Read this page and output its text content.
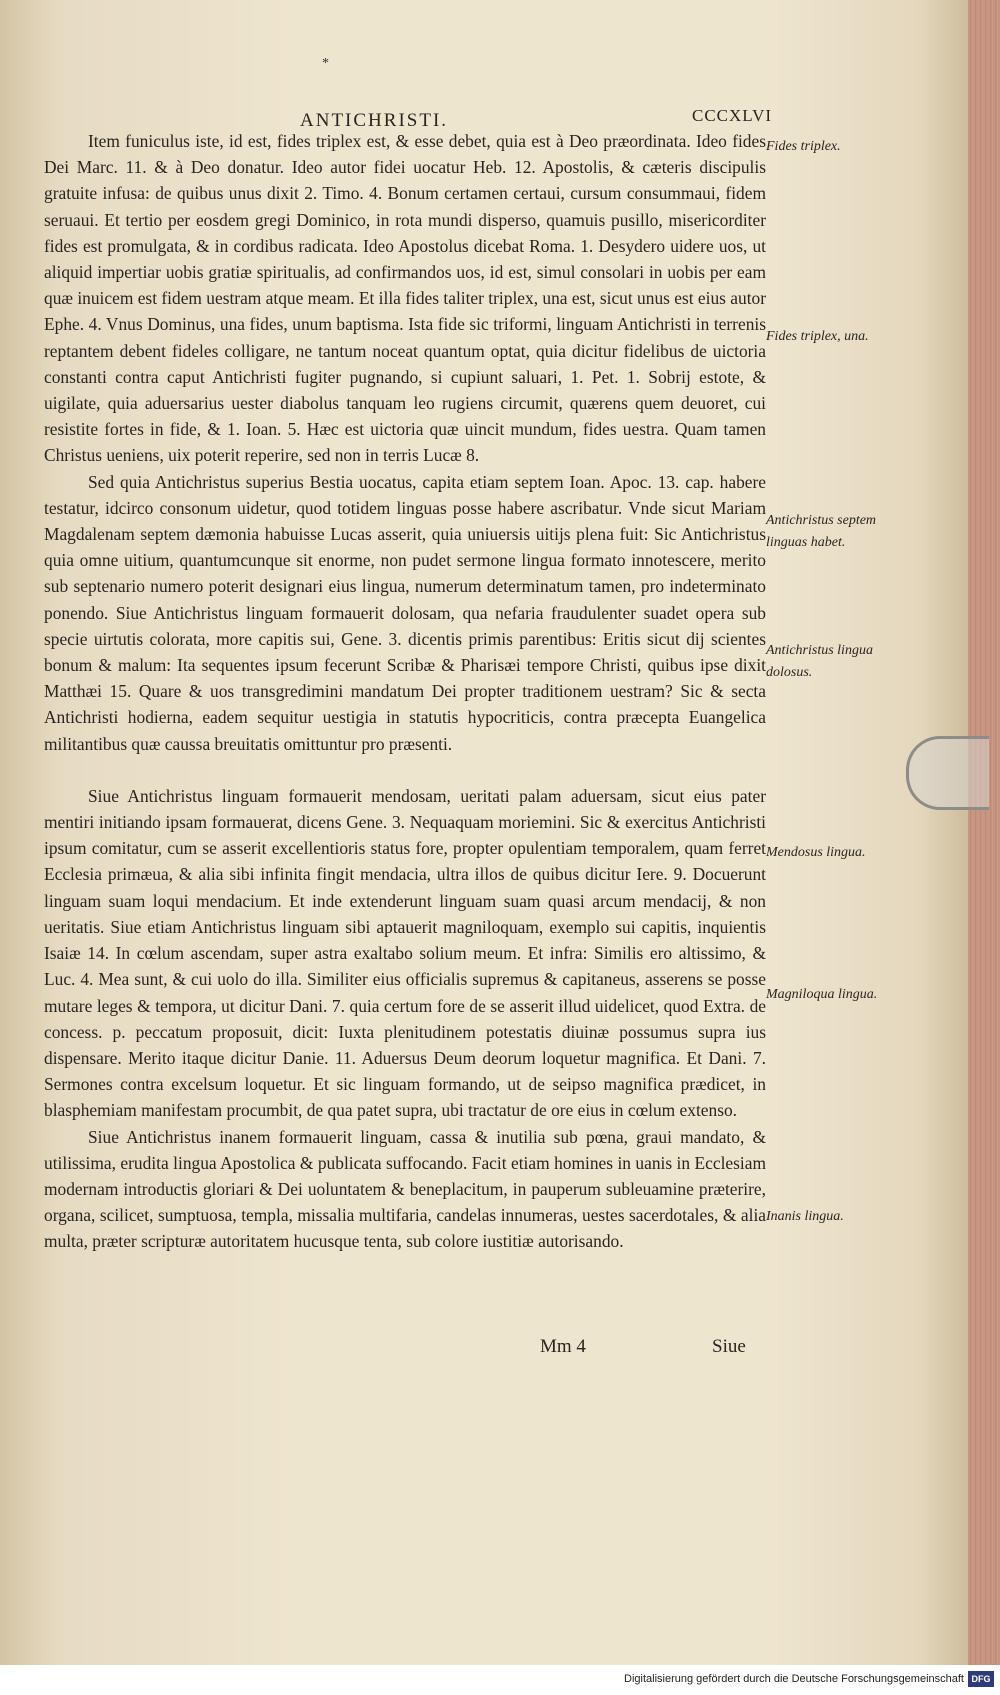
*
ANTICHRISTI.	CCCXLVI

Item funiculus iste, id est, fides triplex est, & esse debet, quia est à Deo præordinata. Ideo fides Dei Marc. 11. & à Deo donatur. Ideo autor fidei uocatur Heb. 12. Apostolis, & cæteris discipulis gratuite infusa: de quibus unus dixit 2. Timo. 4. Bonum certamen certaui, cursum consummaui, fidem seruaui. Et tertio per eosdem gregi Dominico, in rota mundi disperso, quamuis pusillo, misericorditer fides est promulgata, & in cordibus radicata. Ideo Apostolus dicebat Roma. 1. Desydero uidere uos, ut aliquid impertiar uobis gratiæ spiritualis, ad confirmandos uos, id est, simul consolari in uobis per eam quæ inuicem est fidem uestram atque meam. Et illa fides taliter triplex, una est, sicut unus est eius autor Ephe. 4. Vnus Dominus, una fides, unum baptisma. Ista fide sic triformi, linguam Antichristi in terrenis reptantem debent fideles colligare, ne tantum noceat quantum optat, quia dicitur fidelibus de uictoria constanti contra caput Antichristi fugiter pugnando, si cupiunt saluari, 1. Pet. 1. Sobrij estote, & uigilate, quia aduersarius uester diabolus tanquam leo rugiens circumit, quærens quem deuoret, cui resistite fortes in fide, & 1. Ioan. 5. Hæc est uictoria quæ uincit mundum, fides uestra. Quam tamen Christus ueniens, uix poterit reperire, sed non in terris Lucæ 8.

Sed quia Antichristus superius Bestia uocatus, capita etiam septem Ioan. Apoc. 13. cap. habere testatur, idcirco consonum uidetur, quod totidem linguas posse habere ascribatur. Vnde sicut Mariam Magdalenam septem dæmonia habuisse Lucas asserit, quia uniuersis uitijs plena fuit: Sic Antichristus quia omne uitium, quantumcunque sit enorme, non pudet sermone lingua formato innotescere, merito sub septenario numero poterit designari eius lingua, numerum determinatum tamen, pro indeterminato ponendo. Siue Antichristus linguam formauerit dolosam, qua nefaria fraudulenter suadet opera sub specie uirtutis colorata, more capitis sui, Gene. 3. dicentis primis parentibus: Eritis sicut dij scientes bonum & malum: Ita sequentes ipsum fecerunt Scribæ & Pharisæi tempore Christi, quibus ipse dixit Matthæi 15. Quare & uos transgredimini mandatum Dei propter traditionem uestram? Sic & secta Antichristi hodierna, eadem sequitur uestigia in statutis hypocriticis, contra præcepta Euangelica militantibus quæ caussa breuitatis omittuntur pro præsenti.

Siue Antichristus linguam formauerit mendosam, ueritati palam aduersam, sicut eius pater mentiri initiando ipsam formauerat, dicens Gene. 3. Nequaquam moriemini. Sic & exercitus Antichristi ipsum comitatur, cum se asserit excellentioris status fore, propter opulentiam temporalem, quam ferret Ecclesia primæua, & alia sibi infinita fingit mendacia, ultra illos de quibus dicitur Iere. 9. Docuerunt linguam suam loqui mendacium. Et inde extenderunt linguam suam quasi arcum mendacij, & non ueritatis. Siue etiam Antichristus linguam sibi aptauerit magniloquam, exemplo sui capitis, inquientis Isaiæ 14. In cœlum ascendam, super astra exaltabo solium meum. Et infra: Similis ero altissimo, & Luc. 4. Mea sunt, & cui uolo do illa. Similiter eius officialis supremus & capitaneus, asserens se posse mutare leges & tempora, ut dicitur Dani. 7. quia certum fore de se asserit illud uidelicet, quod Extra. de concess. p. peccatum proposuit, dicit: Iuxta plenitudinem potestatis diuinæ possumus supra ius dispensare. Merito itaque dicitur Danie. 11. Aduersus Deum deorum loquetur magnifica. Et Dani. 7. Sermones contra excelsum loquetur. Et sic linguam formando, ut de seipso magnifica prædicet, in blasphemiam manifestam procumbit, de qua patet supra, ubi tractatur de ore eius in cœlum extenso.

Siue Antichristus inanem formauerit linguam, cassa & inutilia sub pœna, graui mandato, & utilissima, erudita lingua Apostolica & publicata suffocando. Facit etiam homines in uanis in Ecclesiam modernam introductis gloriari & Dei uoluntatem & beneplacitum, in pauperum subleuamine præterire, organa, scilicet, sumptuosa, templa, missalia multifaria, candelas innumeras, uestes sacerdotales, & alia multa, præter scripturæ autoritatem hucusque tenta, sub colore iustitiæ autorisando.

Fides triplex.
Fides triplex, una.
Antichristus septem linguas habet.
Antichristus lingua dolosus.
Mendosus lingua.
Magniloqua lingua.
Inanis lingua.
Mm 4	Siue
Digitalisierung gefördert durch die Deutsche Forschungsgemeinschaft DFG
